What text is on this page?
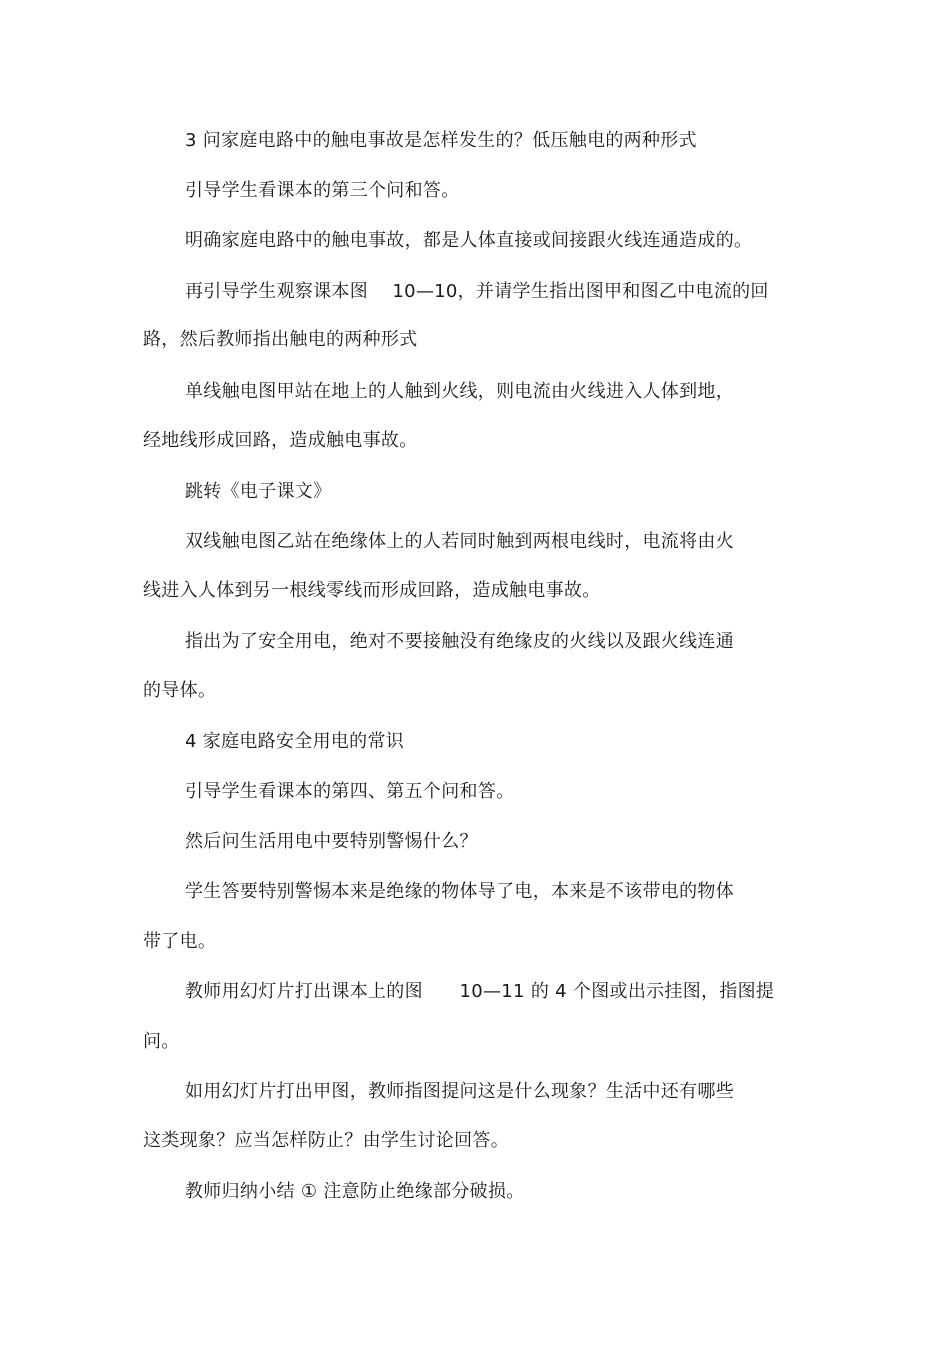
3 问家庭电路中的触电事故是怎样发生的？低压触电的两种形式
引导学生看课本的第三个问和答。
明确家庭电路中的触电事故，都是人体直接或间接跟火线连通造成的。
再引导学生观察课本图　 10—10，并请学生指出图甲和图乙中电流的回
路，然后教师指出触电的两种形式
单线触电图甲站在地上的人触到火线，则电流由火线进入人体到地，
经地线形成回路，造成触电事故。
跳转《电子课文》
双线触电图乙站在绝缘体上的人若同时触到两根电线时，电流将由火
线进入人体到另一根线零线而形成回路，造成触电事故。
指出为了安全用电，绝对不要接触没有绝缘皮的火线以及跟火线连通
的导体。
4 家庭电路安全用电的常识
引导学生看课本的第四、第五个问和答。
然后问生活用电中要特别警惕什么？
学生答要特别警惕本来是绝缘的物体导了电，本来是不该带电的物体
带了电。
教师用幻灯片打出课本上的图　　10—11 的 4 个图或出示挂图，指图提
问。
如用幻灯片打出甲图，教师指图提问这是什么现象？生活中还有哪些
这类现象？应当怎样防止？由学生讨论回答。
教师归纳小结 ① 注意防止绝缘部分破损。
